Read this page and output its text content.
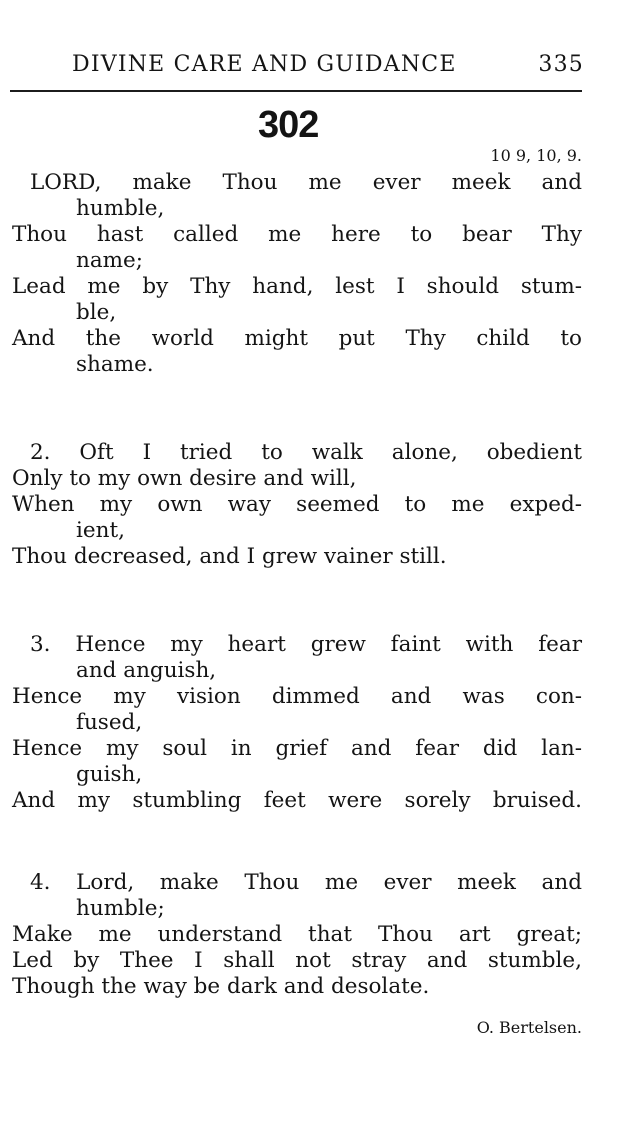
DIVINE CARE AND GUIDANCE	335
302
10 9, 10, 9.
LORD, make Thou me ever meek and
humble,
Thou hast called me here to bear Thy
name;
Lead me by Thy hand, lest I should stum-
ble,
And the world might put Thy child to
shame.
2. Oft I tried to walk alone, obedient
Only to my own desire and will,
When my own way seemed to me exped-
ient,
Thou decreased, and I grew vainer still.
3. Hence my heart grew faint with fear
and anguish,
Hence my vision dimmed and was con-
fused,
Hence my soul in grief and fear did lan-
guish,
And my stumbling feet were sorely bruised.
4. Lord, make Thou me ever meek and
humble;
Make me understand that Thou art great;
Led by Thee I shall not stray and stumble,
Though the way be dark and desolate.
O. Bertelsen.
